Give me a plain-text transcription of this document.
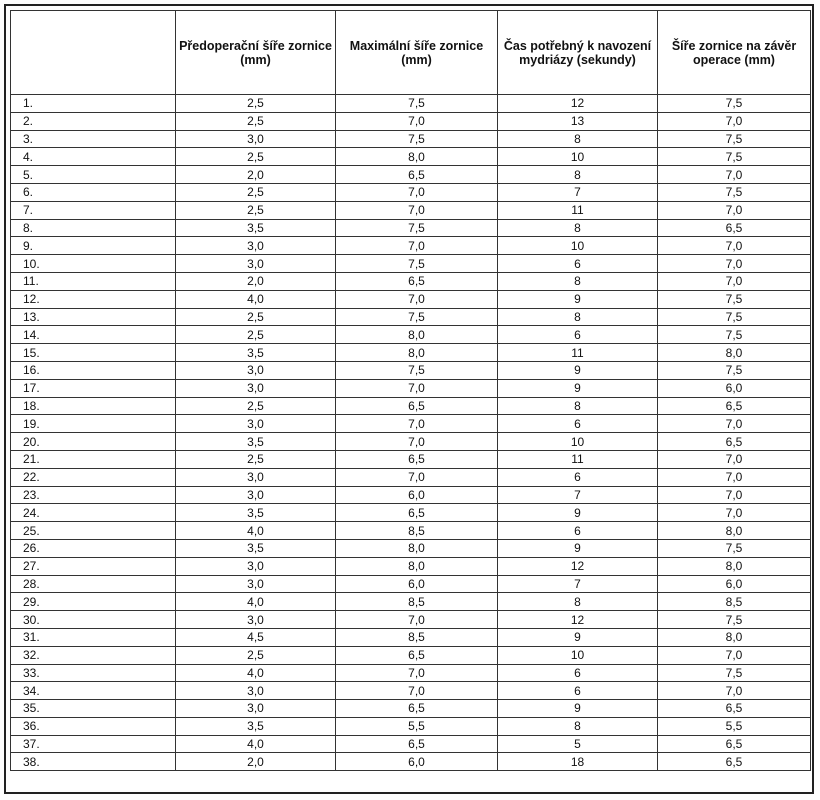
	Předoperační šíře zornice (mm)	Maximální šíře zornice (mm)	Čas potřebný k navození mydriázy (sekundy)	Šíře zornice na závěr operace (mm)
1.	2,5	7,5	12	7,5
2.	2,5	7,0	13	7,0
3.	3,0	7,5	8	7,5
4.	2,5	8,0	10	7,5
5.	2,0	6,5	8	7,0
6.	2,5	7,0	7	7,5
7.	2,5	7,0	11	7,0
8.	3,5	7,5	8	6,5
9.	3,0	7,0	10	7,0
10.	3,0	7,5	6	7,0
11.	2,0	6,5	8	7,0
12.	4,0	7,0	9	7,5
13.	2,5	7,5	8	7,5
14.	2,5	8,0	6	7,5
15.	3,5	8,0	11	8,0
16.	3,0	7,5	9	7,5
17.	3,0	7,0	9	6,0
18.	2,5	6,5	8	6,5
19.	3,0	7,0	6	7,0
20.	3,5	7,0	10	6,5
21.	2,5	6,5	11	7,0
22.	3,0	7,0	6	7,0
23.	3,0	6,0	7	7,0
24.	3,5	6,5	9	7,0
25.	4,0	8,5	6	8,0
26.	3,5	8,0	9	7,5
27.	3,0	8,0	12	8,0
28.	3,0	6,0	7	6,0
29.	4,0	8,5	8	8,5
30.	3,0	7,0	12	7,5
31.	4,5	8,5	9	8,0
32.	2,5	6,5	10	7,0
33.	4,0	7,0	6	7,5
34.	3,0	7,0	6	7,0
35.	3,0	6,5	9	6,5
36.	3,5	5,5	8	5,5
37.	4,0	6,5	5	6,5
38.	2,0	6,0	18	6,5
